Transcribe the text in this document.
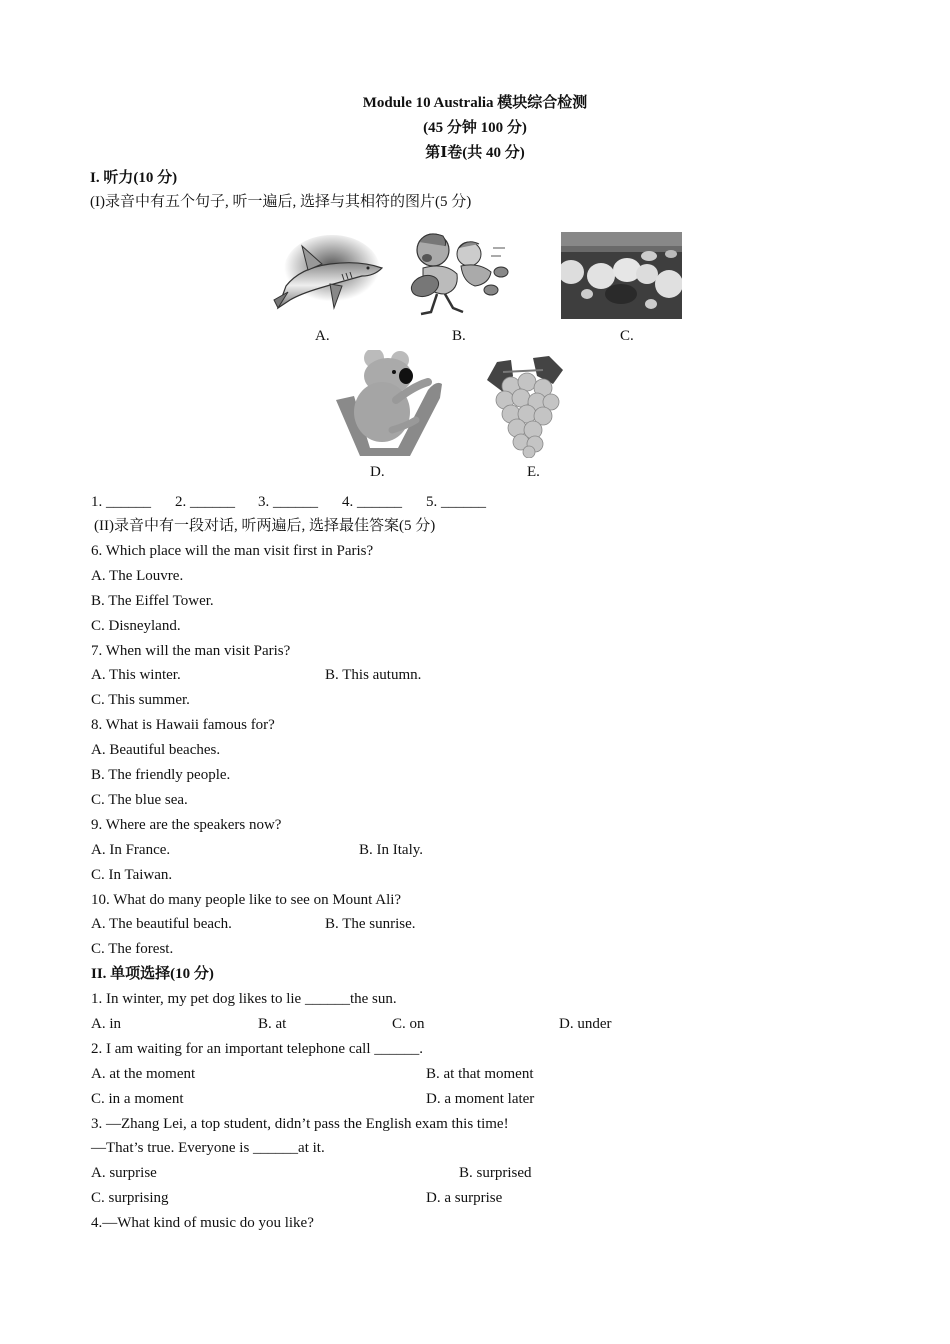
Module 10 Australia 模块综合检测
(45 分钟 100 分)
第Ⅰ卷(共 40 分)
I. 听力(10 分)
(I)录音中有五个句子, 听一遍后, 选择与其相符的图片(5 分)
A.	B.	C.
D.	E.
1. ______ 2. ______ 3. ______ 4. ______ 5. ______
(II)录音中有一段对话, 听两遍后, 选择最佳答案(5 分)
6. Which place will the man visit first in Paris?
A. The Louvre.
B. The Eiffel Tower.
C. Disneyland.
7. When will the man visit Paris?
A. This winter.	B. This autumn.
C. This summer.
8. What is Hawaii famous for?
A. Beautiful beaches.
B. The friendly people.
C. The blue sea.
9. Where are the speakers now?
A. In France.	B. In Italy.
C. In Taiwan.
10. What do many people like to see on Mount Ali?
A. The beautiful beach.	B. The sunrise.
C. The forest.
II. 单项选择(10 分)
1. In winter, my pet dog likes to lie ______the sun.
A. in	B. at	C. on	D. under
2. I am waiting for an important telephone call ______.
A. at the moment	B. at that moment
C. in a moment	D. a moment later
3. —Zhang Lei, a top student, didn’t pass the English exam this time!
—That’s true. Everyone is ______at it.
A. surprise	B. surprised
C. surprising	D. a surprise
4.—What kind of music do you like?
